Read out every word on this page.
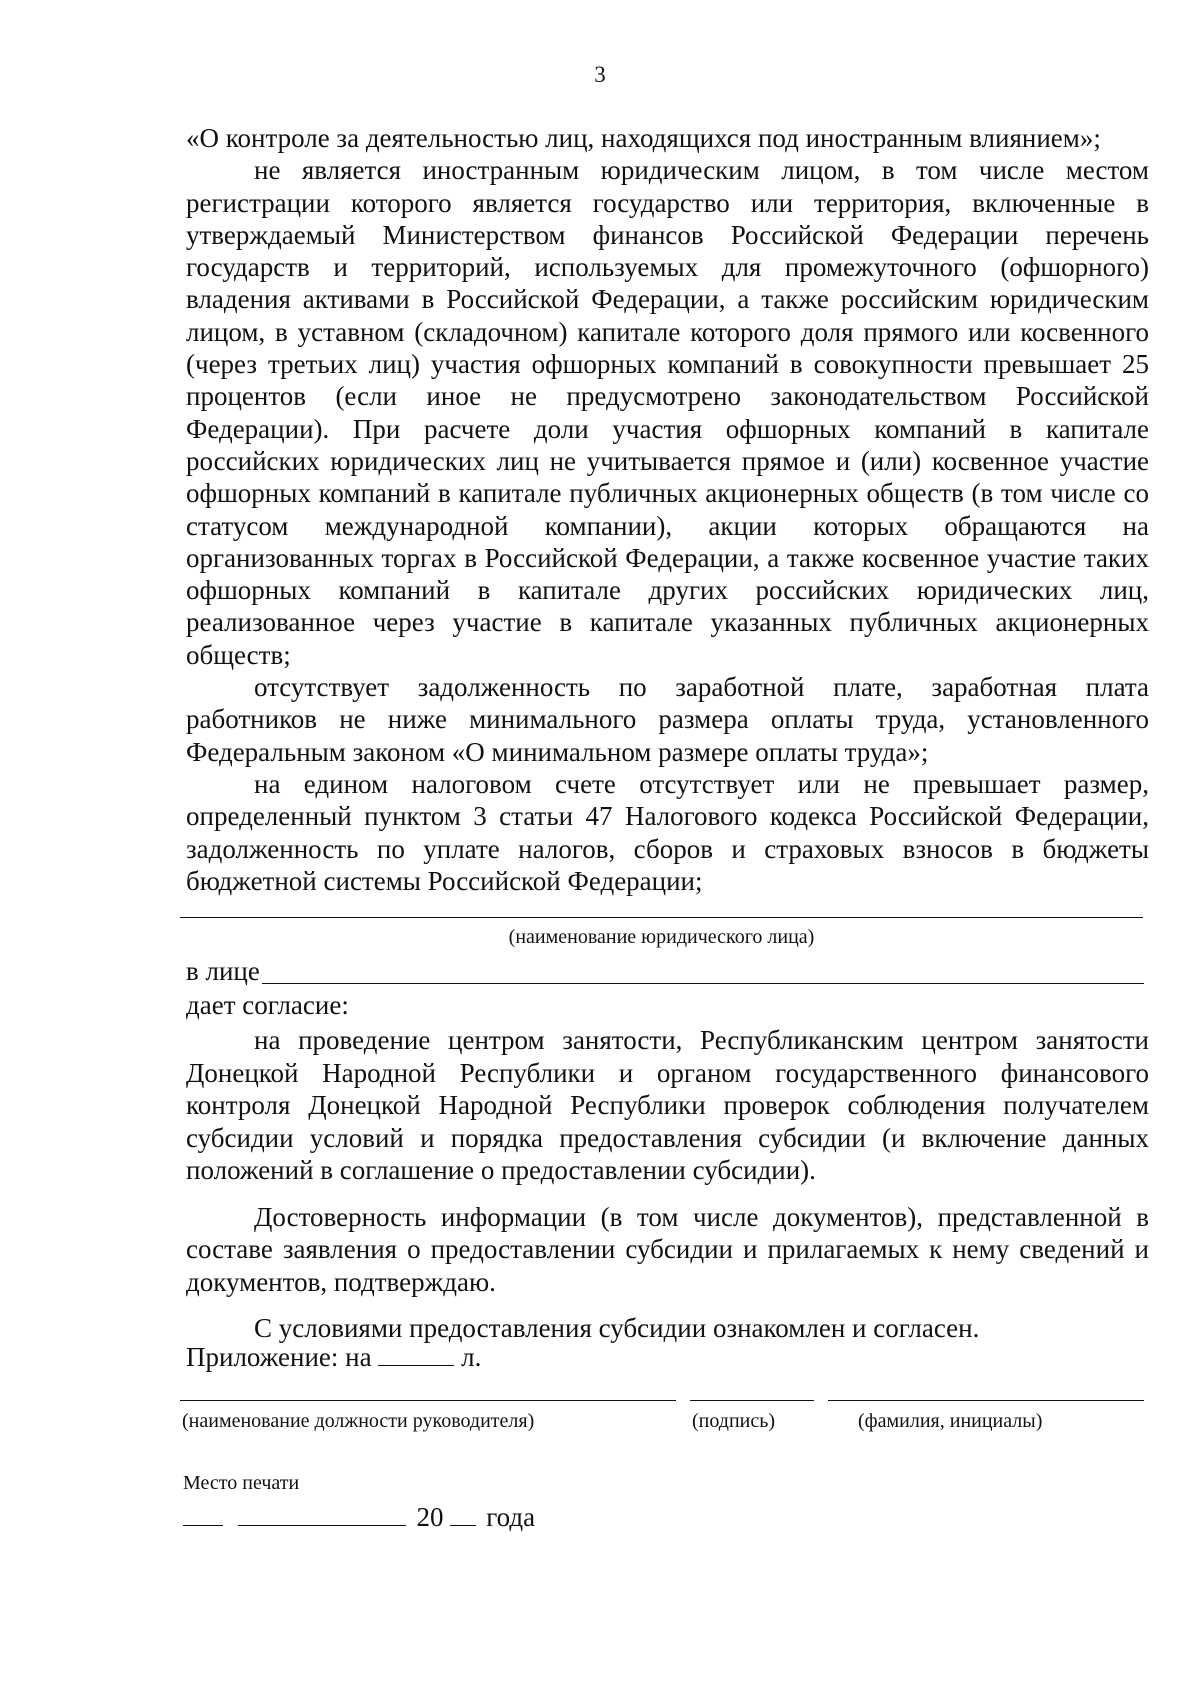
3

«О контроле за деятельностью лиц, находящихся под иностранным влиянием»;

не является иностранным юридическим лицом, в том числе местом регистрации которого является государство или территория, включенные в утверждаемый Министерством финансов Российской Федерации перечень государств и территорий, используемых для промежуточного (офшорного) владения активами в Российской Федерации, а также российским юридическим лицом, в уставном (складочном) капитале которого доля прямого или косвенного (через третьих лиц) участия офшорных компаний в совокупности превышает 25 процентов (если иное не предусмотрено законодательством Российской Федерации). При расчете доли участия офшорных компаний в капитале российских юридических лиц не учитывается прямое и (или) косвенное участие офшорных компаний в капитале публичных акционерных обществ (в том числе со статусом международной компании), акции которых обращаются на организованных торгах в Российской Федерации, а также косвенное участие таких офшорных компаний в капитале других российских юридических лиц, реализованное через участие в капитале указанных публичных акционерных обществ;

отсутствует задолженность по заработной плате, заработная плата работников не ниже минимального размера оплаты труда, установленного Федеральным законом «О минимальном размере оплаты труда»;

на едином налоговом счете отсутствует или не превышает размер, определенный пунктом 3 статьи 47 Налогового кодекса Российской Федерации, задолженность по уплате налогов, сборов и страховых взносов в бюджеты бюджетной системы Российской Федерации;

(наименование юридического лица)
в лице
дает согласие:

на проведение центром занятости, Республиканским центром занятости Донецкой Народной Республики и органом государственного финансового контроля Донецкой Народной Республики проверок соблюдения получателем субсидии условий и порядка предоставления субсидии (и включение данных положений в соглашение о предоставлении субсидии).

Достоверность информации (в том числе документов), представленной в составе заявления о предоставлении субсидии и прилагаемых к нему сведений и документов, подтверждаю.

С условиями предоставления субсидии ознакомлен и согласен.

Приложение: на	л.
(наименование должности руководителя)	(подпись)	(фамилия, инициалы)
Место печати
20 года
